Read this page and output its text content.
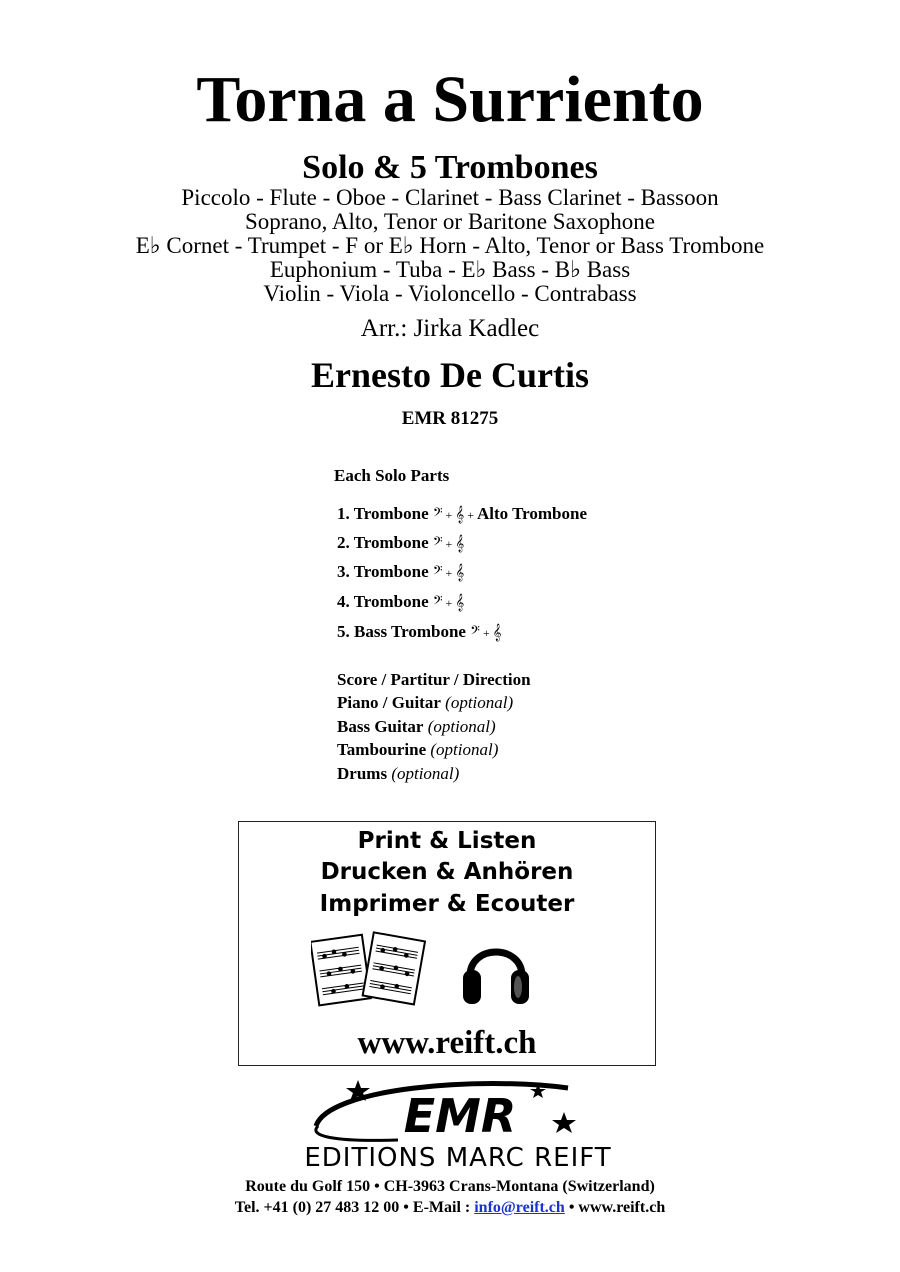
Torna a Surriento
Solo & 5 Trombones
Piccolo - Flute - Oboe - Clarinet - Bass Clarinet - Bassoon
Soprano, Alto, Tenor or Baritone Saxophone
E♭ Cornet - Trumpet - F or E♭ Horn - Alto, Tenor or Bass Trombone
Euphonium - Tuba - E♭ Bass - B♭ Bass
Violin - Viola - Violoncello - Contrabass
Arr.: Jirka Kadlec
Ernesto De Curtis
EMR 81275
Each Solo Parts
1. Trombone 𝄢 + 𝄞 + Alto Trombone
2. Trombone 𝄢 + 𝄞
3. Trombone 𝄢 + 𝄞
4. Trombone 𝄢 + 𝄞
5. Bass Trombone 𝄢 + 𝄞
Score / Partitur / Direction
Piano / Guitar (optional)
Bass Guitar (optional)
Tambourine (optional)
Drums (optional)
Print & Listen
Drucken & Anhören
Imprimer & Ecouter
www.reift.ch
EMR
EDITIONS MARC REIFT
Route du Golf 150 • CH-3963 Crans-Montana (Switzerland)
Tel. +41 (0) 27 483 12 00 • E-Mail : info@reift.ch • www.reift.ch
